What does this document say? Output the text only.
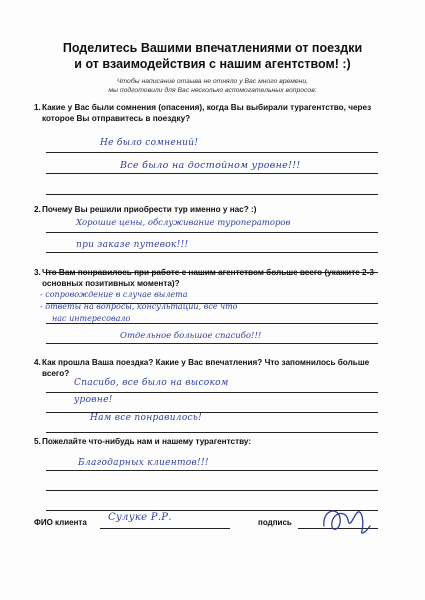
Поделитесь Вашими впечатлениями от поездки
и от взаимодействия с нашим агентством! :)
Чтобы написание отзыва не отняло у Вас много времени,
мы подготовили для Вас несколько вспомогательных вопросов:
1. Какие у Вас были сомнения (опасения), когда Вы выбирали турагентство, через которое Вы отправитесь в поездку?
Не было сомнений!
Все было на достойном уровне!!!
2. Почему Вы решили приобрести тур именно у нас? :)
Хорошие цены, обслуживание туроператоров
при заказе путевок!!!
3. Что Вам понравилось при работе с нашим агентством больше всего (укажите 2-3 основных позитивных момента)?
- сопровождение в случае вылета
- ответы на вопросы, консультации, все что
нас интересовало
Отдельное большое спасибо!!!
4. Как прошла Ваша поездка? Какие у Вас впечатления? Что запомнилось больше всего?
Спасибо, все было на высоком
уровне!
Нам все понравилось!
5. Пожелайте что-нибудь нам и нашему турагентству:
Благодарных клиентов!!!
ФИО клиента Сулуке Р.Р.	подпись
